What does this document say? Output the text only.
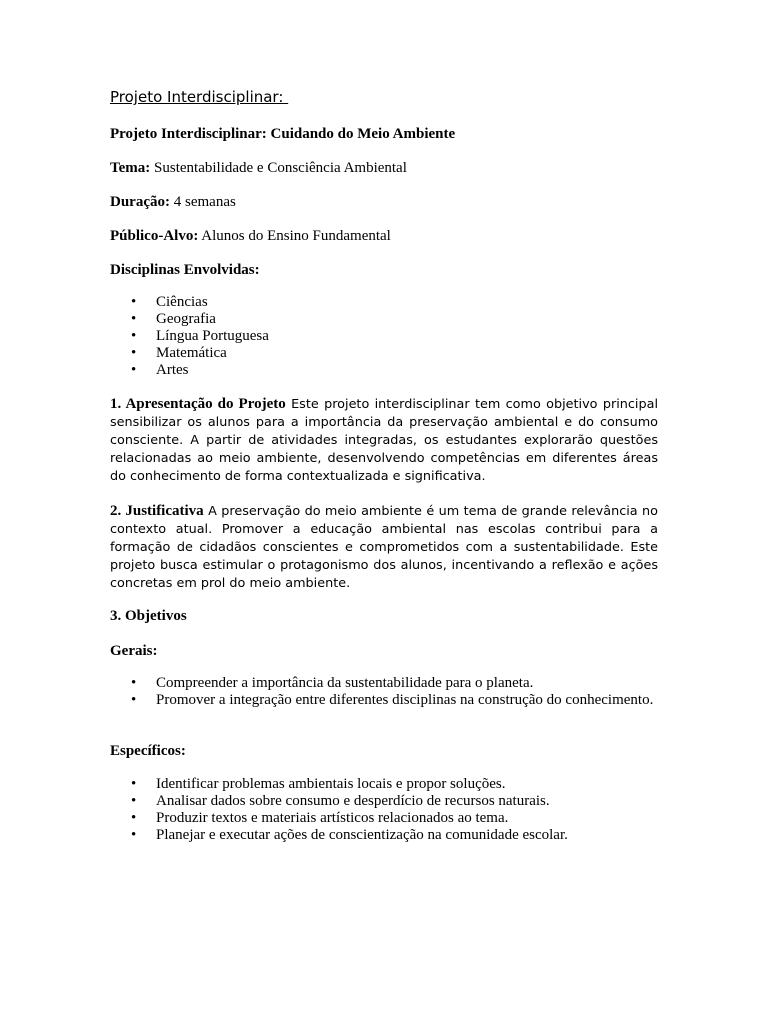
Projeto Interdisciplinar:

Projeto Interdisciplinar: Cuidando do Meio Ambiente

Tema: Sustentabilidade e Consciência Ambiental

Duração: 4 semanas

Público-Alvo: Alunos do Ensino Fundamental

Disciplinas Envolvidas:

• Ciências
• Geografia
• Língua Portuguesa
• Matemática
• Artes

1. Apresentação do Projeto Este projeto interdisciplinar tem como objetivo principal sensibilizar os alunos para a importância da preservação ambiental e do consumo consciente. A partir de atividades integradas, os estudantes explorarão questões relacionadas ao meio ambiente, desenvolvendo competências em diferentes áreas do conhecimento de forma contextualizada e significativa.

2. Justificativa A preservação do meio ambiente é um tema de grande relevância no contexto atual. Promover a educação ambiental nas escolas contribui para a formação de cidadãos conscientes e comprometidos com a sustentabilidade. Este projeto busca estimular o protagonismo dos alunos, incentivando a reflexão e ações concretas em prol do meio ambiente.

3. Objetivos

Gerais:

• Compreender a importância da sustentabilidade para o planeta.
• Promover a integração entre diferentes disciplinas na construção do conhecimento.

Específicos:

• Identificar problemas ambientais locais e propor soluções.
• Analisar dados sobre consumo e desperdício de recursos naturais.
• Produzir textos e materiais artísticos relacionados ao tema.
• Planejar e executar ações de conscientização na comunidade escolar.
